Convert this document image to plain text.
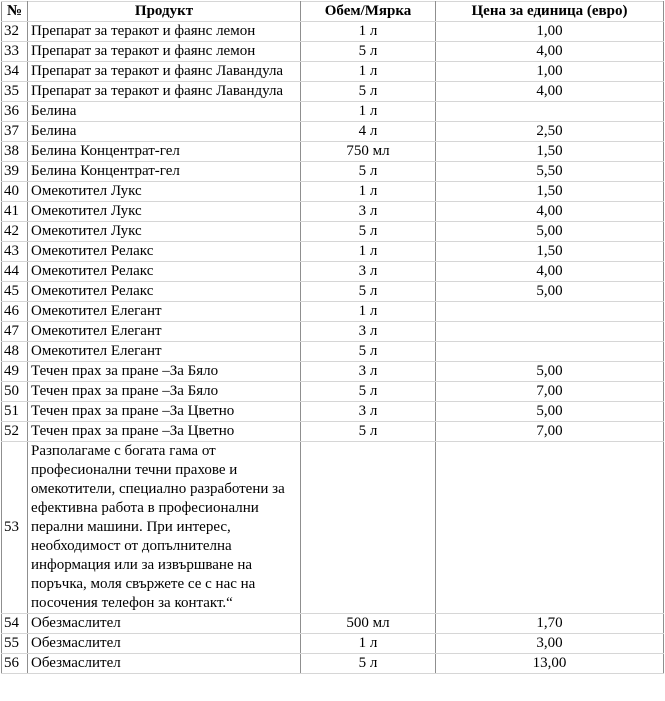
№	Продукт	Обем/Мярка	Цена за единица (евро)
32	Препарат за теракот и фаянс лемон	1 л	1,00
33	Препарат за теракот и фаянс лемон	5 л	4,00
34	Препарат за теракот и фаянс Лавандула	1 л	1,00
35	Препарат за теракот и фаянс Лавандула	5 л	4,00
36	Белина	1 л	
37	Белина	4 л	2,50
38	Белина Концентрат-гел	750 мл	1,50
39	Белина Концентрат-гел	5 л	5,50
40	Омекотител Лукс	1 л	1,50
41	Омекотител Лукс	3 л	4,00
42	Омекотител Лукс	5 л	5,00
43	Омекотител Релакс	1 л	1,50
44	Омекотител Релакс	3 л	4,00
45	Омекотител Релакс	5 л	5,00
46	Омекотител Елегант	1 л	
47	Омекотител Елегант	3 л	
48	Омекотител Елегант	5 л	
49	Течен прах за пране –За Бяло	3 л	5,00
50	Течен прах за пране –За Бяло	5 л	7,00
51	Течен прах за пране –За Цветно	3 л	5,00
52	Течен прах за пране –За Цветно	5 л	7,00
53	Разполагаме с богата гама от професионални течни прахове и омекотители, специално разработени за ефективна работа в професионални перални машини. При интерес, необходимост от допълнителна информация или за извършване на поръчка, моля свържете се с нас на посочения телефон за контакт.“		
54	Обезмаслител	500 мл	1,70
55	Обезмаслител	1 л	3,00
56	Обезмаслител	5 л	13,00
